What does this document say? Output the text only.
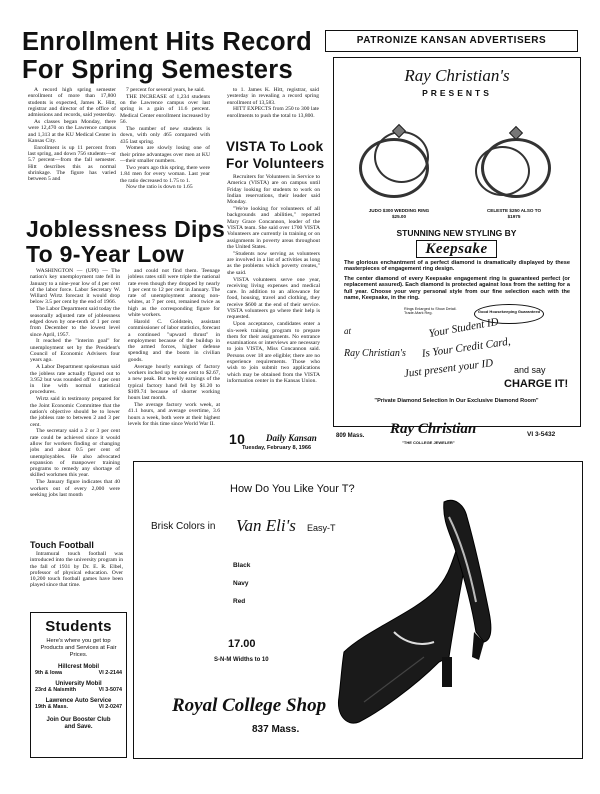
Enrollment Hits Record
For Spring Semesters

A record high spring semester enrollment of more than 17,800 students is expected, James K. Hitt, registrar and director of the office of admissions and records, said yesterday.

As classes began Monday, there were 12,470 on the Lawrence campus and 1,313 at the KU Medical Center in Kansas City.

Enrollment is up 11 percent from last spring, and down 756 students—or 5.7 percent—from the fall semester. Hitt describes this as normal shrinkage. The figure has varied between 5 and

7 percent for several years, he said.

THE INCREASE of 1,234 students on the Lawrence campus over last spring is a gain of 11.6 percent. Medical Center enrollment increased by 56.

The number of new students is down, with only 465 compared with 435 last spring.

Women are slowly losing one of their prime advantages over men at KU—their smaller numbers.

Two years ago this spring, there were 1.84 men for every woman. Last year the ratio decreased to 1.75 to 1.

Now the ratio is down to 1.65

to 1. James K. Hitt, registrar, said yesterday in revealing a record spring enrollment of 13,583.

HITT EXPECTS from 250 to 300 late enrollments to push the total to 13,800.

VISTA To Look
For Volunteers

Recruiters for Volunteers in Service to America (VISTA) are on campus until Friday looking for students to work on Indian reservations, their leader said Monday.

"We're looking for volunteers of all backgrounds and abilities," reported Mary Grace Concannon, leader of the VISTA team. She said over 1700 VISTA Volunteers are currently in training or on assignments in poverty areas throughout the United States.

"Students now serving as volunteers are involved in a list of activities as long as the problems which poverty creates," she said.

VISTA volunteers serve one year, receiving living expenses and medical care. In addition to an allowance for food, housing, travel and clothing, they receive $600 at the end of their service. VISTA volunteers go where their help is requested.

Upon acceptance, candidates enter a six-week training program to prepare them for their assignments. No entrance examinations or interviews are necessary to join VISTA, Miss Concannon said. Persons over 18 are eligible; there are no experience requirements. Those who wish to join submit two applications which may be obtained from the VISTA information center in the Kansas Union.

Joblessness Dips
To 9-Year Low

WASHINGTON — (UPI) — The nation's key unemployment rate fell in January to a nine-year low of 4 per cent of the labor force. Labor Secretary W. Willard Wirtz forecast it would drop below 3.5 per cent by the end of 1966.

The Labor Department said today the seasonally adjusted rate of joblessness edged down by one-tenth of 1 per cent from December to the lowest level since April, 1957.

It reached the "interim goal" for unemployment set by the President's Council of Economic Advisers four years ago.

A Labor Department spokesman said the jobless rate actually figured out to 3.952 but was rounded off to 4 per cent in line with normal statistical procedures.

Wirtz said in testimony prepared for the Joint Economic Committee that the nation's objective should be to lower the jobless rate to between 2 and 3 per cent.

The secretary said a 2 or 3 per cent rate could be achieved since it would allow for workers finding or changing jobs and about 0.5 per cent of unemployables. He also advocated expansion of manpower training programs to remedy any shortage of skilled workmen this year.

The January figure indicates that 40 workers out of every 2,000 were seeking jobs last month

and could not find them. Teenage jobless rates still were triple the national rate even though they dropped by nearly 1 per cent to 12 per cent in January. The rate of unemployment among non-whites, at 7 per cent, remained twice as high as the corresponding figure for white workers.

Harold C. Goldstein, assistant commissioner of labor statistics, forecast a continued "upward thrust" in employment because of the buildup in the armed forces, higher defense spending and the boom in civilian goods.

Average hourly earnings of factory workers inched up by one cent to $2.67, a new peak. But weekly earnings of the typical factory hand fell by $1.20 to $109.74 because of shorter working hours last month.

The average factory work week, at 41.1 hours, and average overtime, 3.6 hours a week, both were at their highest levels for this time since World War II.

Touch Football

Intramural touch football was introduced into the university program in the fall of 1931 by Dr. E. R. Elbel, professor of physical education. Over 10,200 touch football games have been played since that time.

Students
Here's where you get top Products and Services at Fair Prices.
Hillcrest Mobil
9th & Iowa	VI 2-2144
University Mobil
23rd & Naismith	VI 3-5074
Lawrence Auto Service
19th & Mass.	VI 2-0247
Join Our Booster Club and Save.
PATRONIZE KANSAN ADVERTISERS
Ray Christian's
PRESENTS
JUDO $300 WEDDING RING $25.00
CELESTE $250 ALSO TO $1975
STUNNING NEW STYLING BY
Keepsake
The glorious enchantment of a perfect diamond is dramatically displayed by these masterpieces of engagement ring design.
The center diamond of every Keepsake engagement ring is guaranteed perfect (or replacement assured). Each diamond is protected against loss from the setting for a full year. Choose your very personal style from our fine selection each with the name, Keepsake, in the ring.
Rings Enlarged to Show Detail. Trade-Mark Reg.	Good Housekeeping Guaranteed
at
Ray Christian's
Your Student ID
Is Your Credit Card,
Just present your ID and say
CHARGE IT!
"Private Diamond Selection In Our Exclusive Diamond Room"
809 Mass. Ray Christian
"THE COLLEGE JEWELER"
VI 3-5432
10 Daily Kansan
Tuesday, February 8, 1966
How Do You Like Your T?
Brisk Colors in Van Eli's Easy-T
Black
Navy
Red
17.00
S-N-M Widths to 10
Royal College Shop
837 Mass.
